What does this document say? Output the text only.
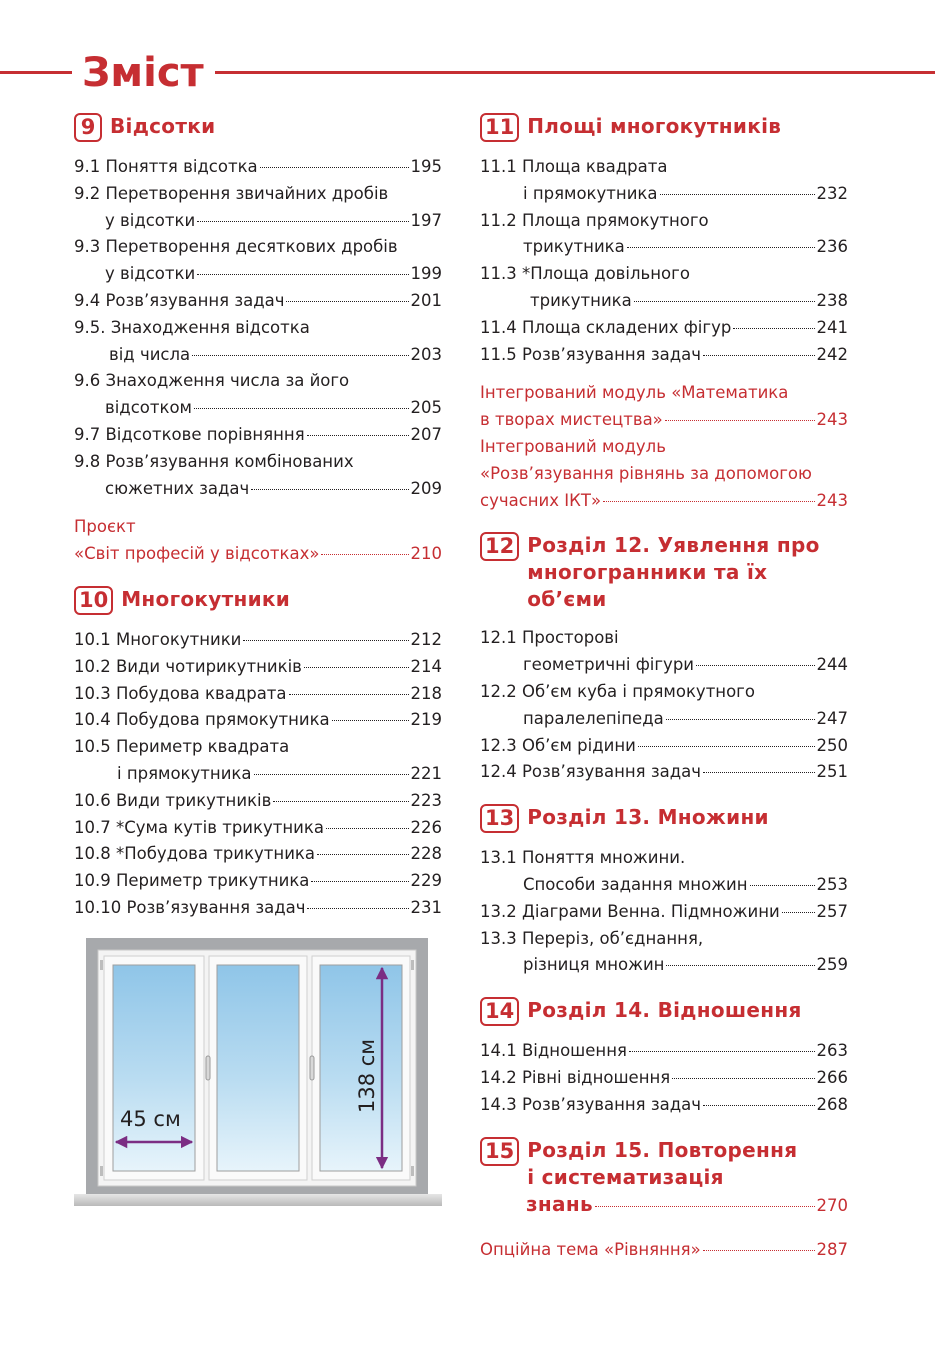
Зміст
9 Відсотки
9.1 Поняття відсотка	195
9.2 Перетворення звичайних дробів
у відсотки	197
9.3 Перетворення десяткових дробів
у відсотки	199
9.4 Розв’язування задач	201
9.5. Знаходження відсотка
від числа	203
9.6 Знаходження числа за його
відсотком	205
9.7 Відсоткове порівняння	207
9.8 Розв’язування комбінованих
сюжетних задач	209
Проєкт
«Світ професій у відсотках»	210
10 Многокутники
10.1 Многокутники	212
10.2 Види чотирикутників	214
10.3 Побудова квадрата	218
10.4 Побудова прямокутника	219
10.5 Периметр квадрата
і прямокутника	221
10.6 Види трикутників	223
10.7 *Сума кутів трикутника	226
10.8 *Побудова трикутника	228
10.9 Периметр трикутника	229
10.10 Розв’язування задач	231
45 см
138 см
11 Площі многокутників
11.1 Площа квадрата
і прямокутника	232
11.2 Площа прямокутного
трикутника	236
11.3 *Площа довільного
трикутника	238
11.4 Площа складених фігур	241
11.5 Розв’язування задач	242
Інтегрований модуль «Математика
в творах мистецтва»	243
Інтегрований модуль
«Розв’язування рівнянь за допомогою
сучасних ІКТ»	243
12 Розділ 12. Уявлення про
многогранники та їх об’єми
12.1 Просторові
геометричні фігури	244
12.2 Об’єм куба і прямокутного
паралелепіпеда	247
12.3 Об’єм рідини	250
12.4 Розв’язування задач	251
13 Розділ 13. Множини
13.1 Поняття множини.
Способи задання множин	253
13.2 Діаграми Венна. Підмножини 257
13.3 Переріз, об’єднання,
різниця множин	259
14 Розділ 14. Відношення
14.1 Відношення	263
14.2 Рівні відношення	266
14.3 Розв’язування задач	268
15 Розділ 15. Повторення
і систематизація
знань	270
Опційна тема «Рівняння»	287
